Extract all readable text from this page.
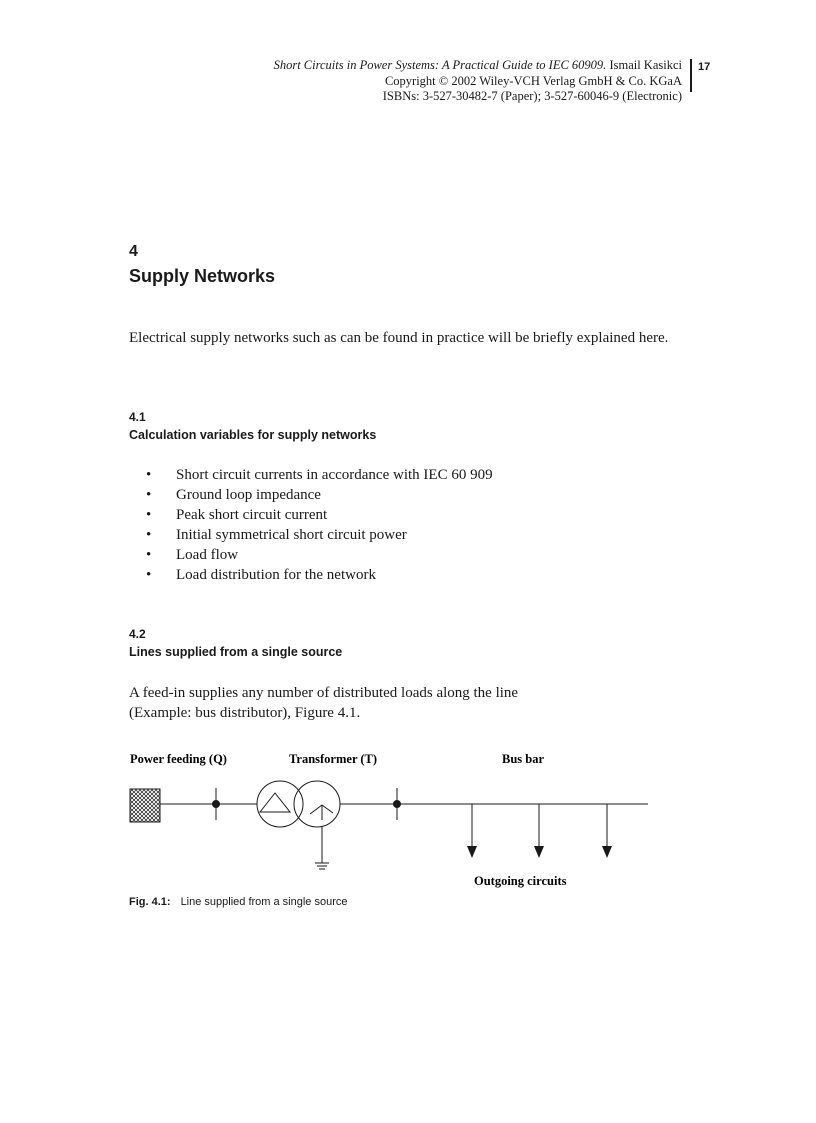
Short Circuits in Power Systems: A Practical Guide to IEC 60909. Ismail Kasikci
Copyright © 2002 Wiley-VCH Verlag GmbH & Co. KGaA
ISBNs: 3-527-30482-7 (Paper); 3-527-60046-9 (Electronic)
17
4
Supply Networks
Electrical supply networks such as can be found in practice will be briefly explained here.
4.1
Calculation variables for supply networks
• Short circuit currents in accordance with IEC 60 909
• Ground loop impedance
• Peak short circuit current
• Initial symmetrical short circuit power
• Load flow
• Load distribution for the network
4.2
Lines supplied from a single source
A feed-in supplies any number of distributed loads along the line
(Example: bus distributor), Figure 4.1.
Power feeding (Q)	Transformer (T)	Bus bar
Outgoing circuits
Fig. 4.1: Line supplied from a single source
